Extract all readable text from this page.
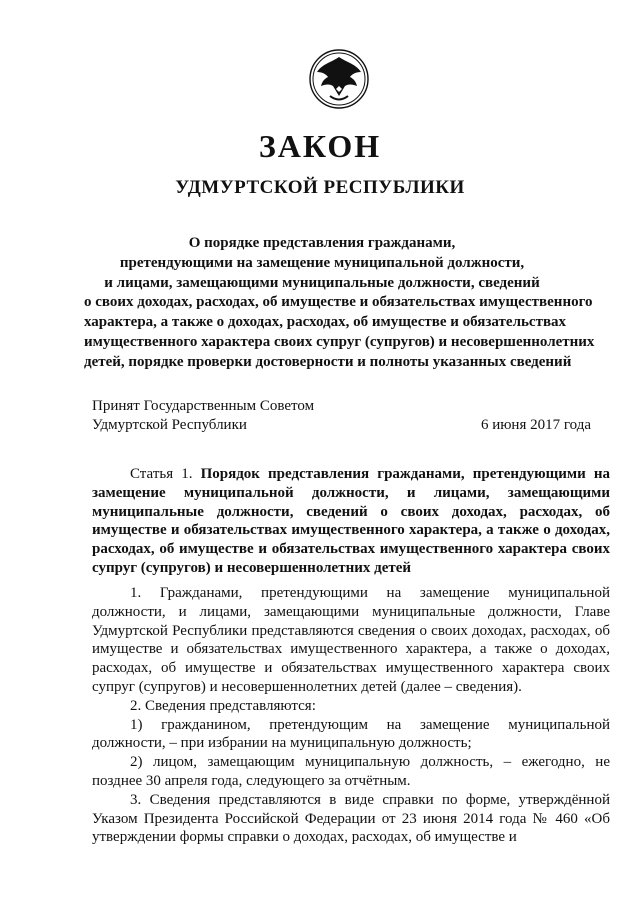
ЗАКОН
УДМУРТСКОЙ РЕСПУБЛИКИ
О порядке представления гражданами,
претендующими на замещение муниципальной должности,
и лицами, замещающими муниципальные должности, сведений
о своих доходах, расходах, об имуществе и обязательствах имущественного
характера, а также о доходах, расходах, об имуществе и обязательствах
имущественного характера своих супруг (супругов) и несовершеннолетних
детей, порядке проверки достоверности и полноты указанных сведений
Принят Государственным Советом
Удмуртской Республики	6 июня 2017 года
Статья 1. Порядок представления гражданами, претендующими на замещение муниципальной должности, и лицами, замещающими муниципальные должности, сведений о своих доходах, расходах, об имуществе и обязательствах имущественного характера, а также о доходах, расходах, об имуществе и обязательствах имущественного характера своих супруг (супругов) и несовершеннолетних детей

1. Гражданами, претендующими на замещение муниципальной должности, и лицами, замещающими муниципальные должности, Главе Удмуртской Республики представляются сведения о своих доходах, расходах, об имуществе и обязательствах имущественного характера, а также о доходах, расходах, об имуществе и обязательствах имущественного характера своих супруг (супругов) и несовершеннолетних детей (далее – сведения).

2. Сведения представляются:

1) гражданином, претендующим на замещение муниципальной должности, – при избрании на муниципальную должность;

2) лицом, замещающим муниципальную должность, – ежегодно, не позднее 30 апреля года, следующего за отчётным.

3. Сведения представляются в виде справки по форме, утверждённой Указом Президента Российской Федерации от 23 июня 2014 года № 460 «Об утверждении формы справки о доходах, расходах, об имуществе и
